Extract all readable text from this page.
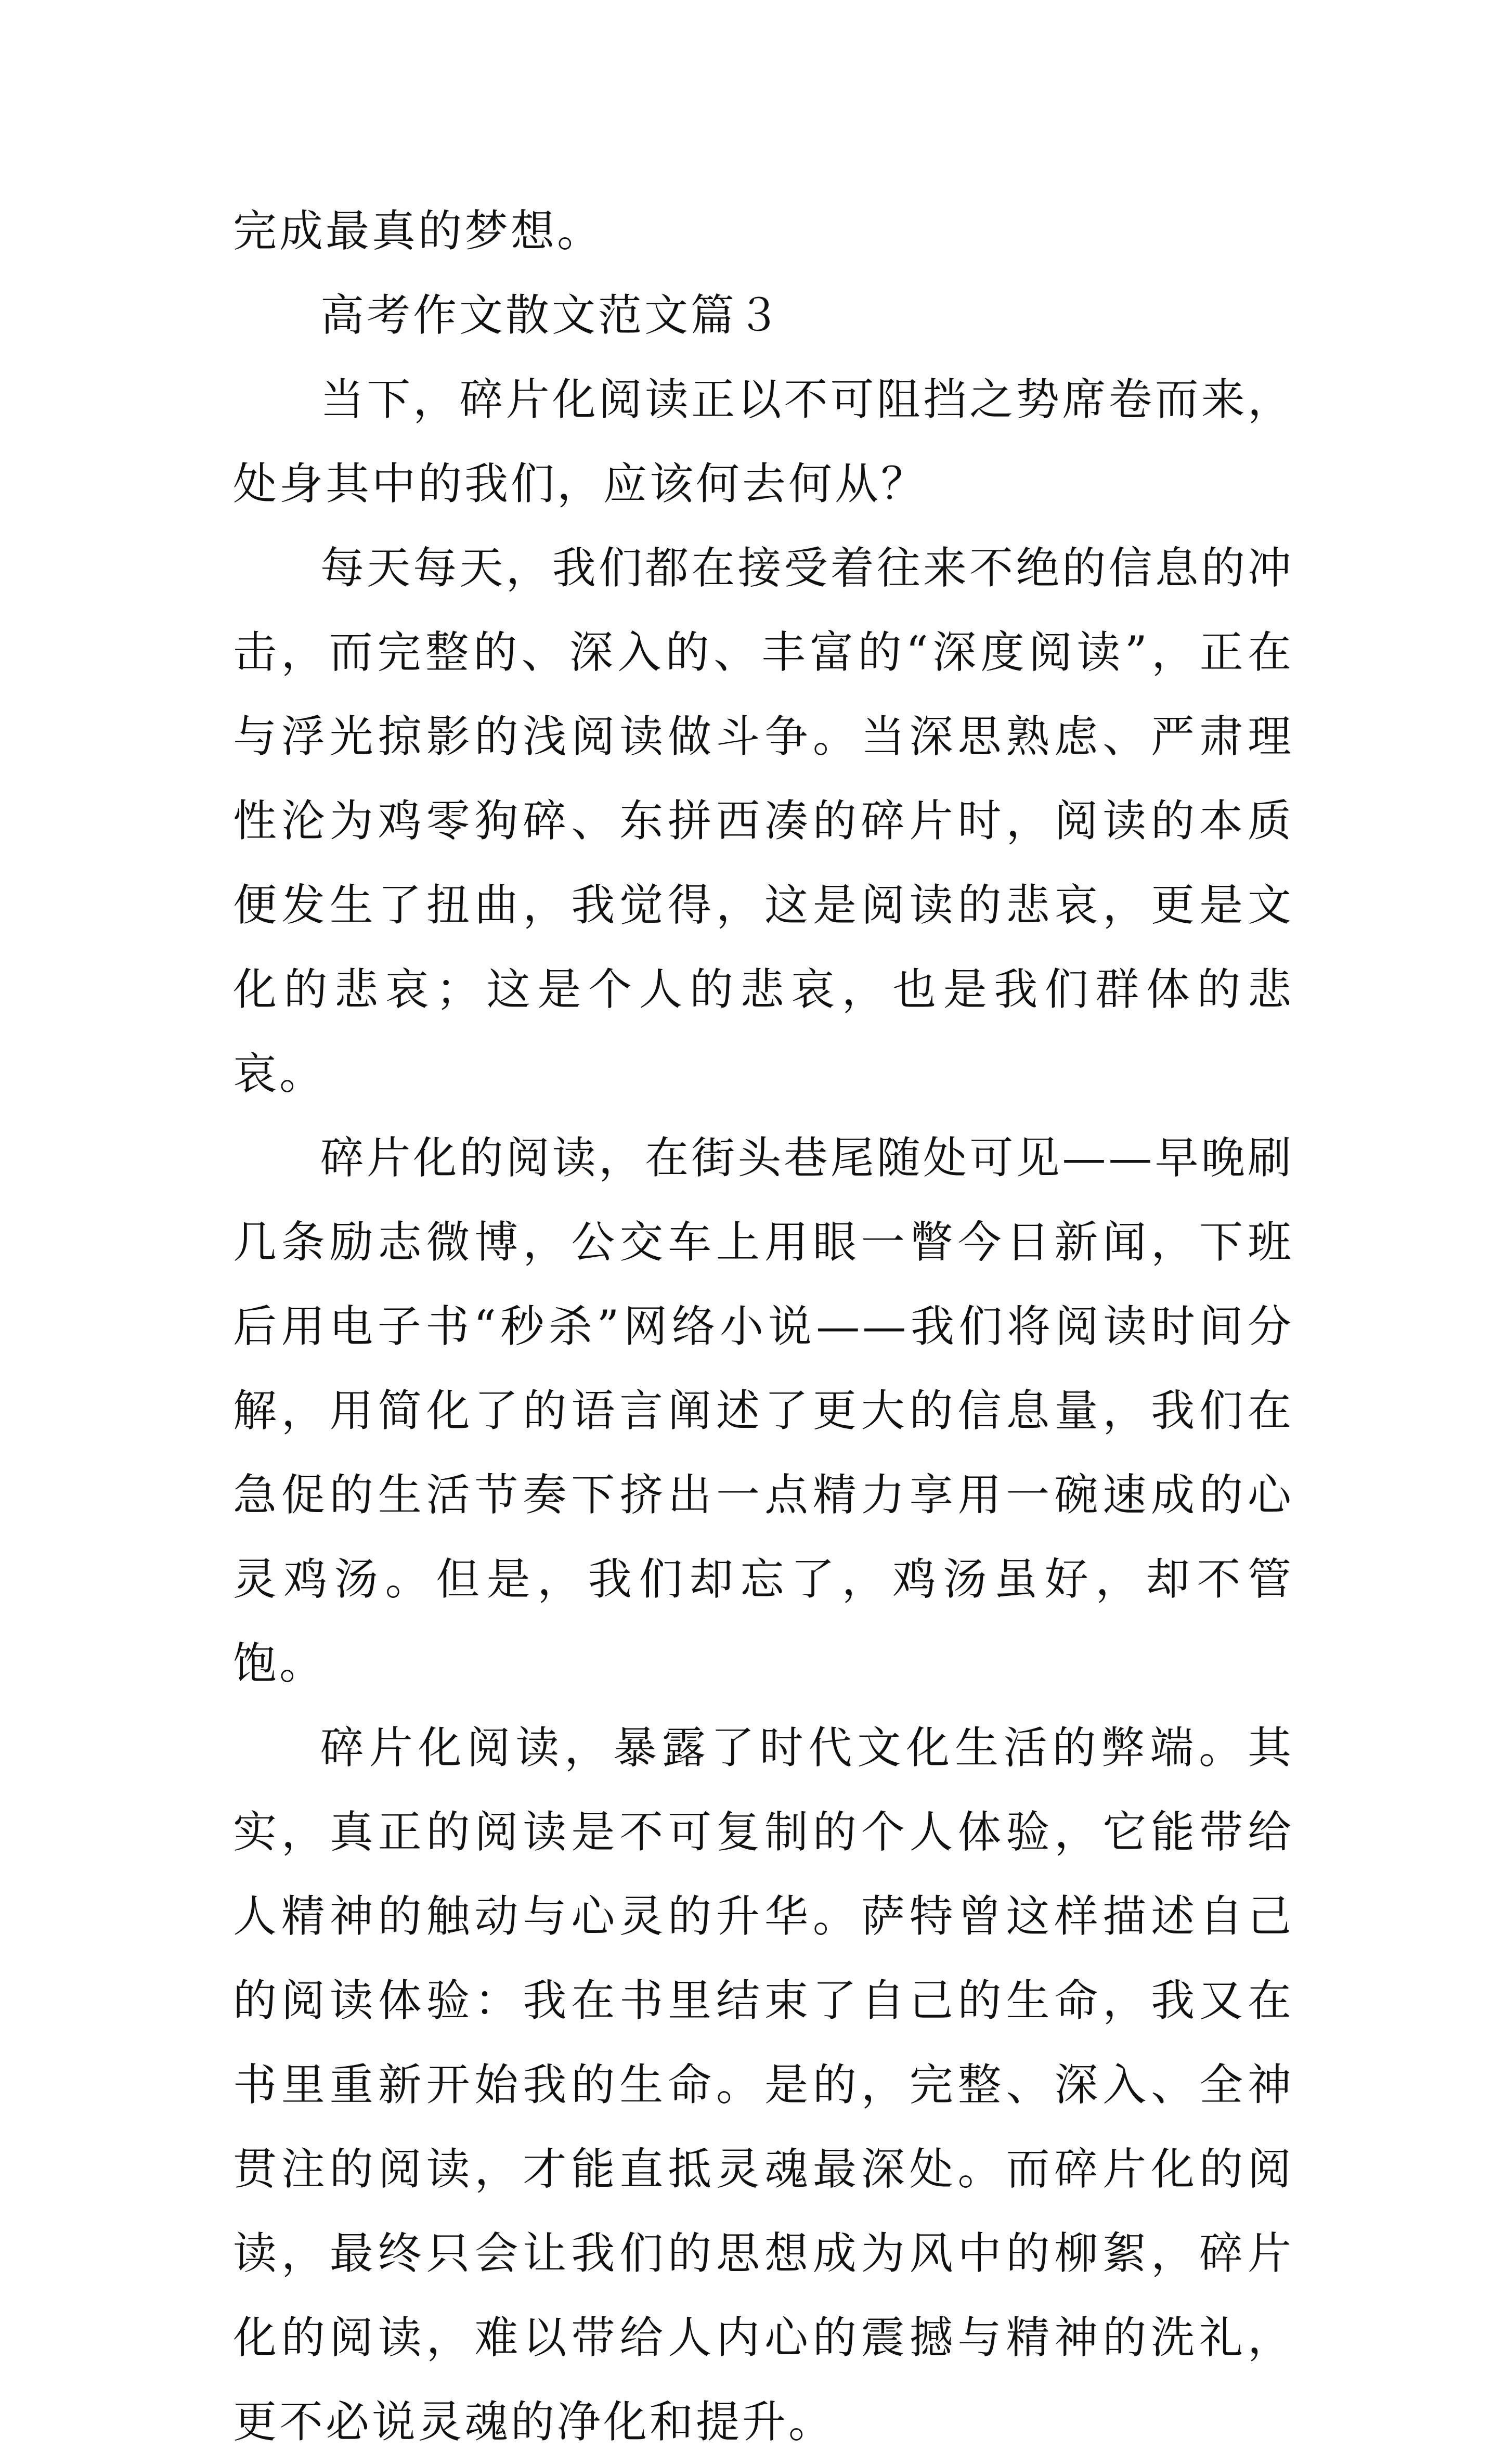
完成最真的梦想。

高考作文散文范文篇３

当下，碎片化阅读正以不可阻挡之势席卷而来，处身其中的我们，应该何去何从？

每天每天，我们都在接受着往来不绝的信息的冲击，而完整的、深入的、丰富的“深度阅读”，正在与浮光掠影的浅阅读做斗争。当深思熟虑、严肃理性沦为鸡零狗碎、东拼西凑的碎片时，阅读的本质便发生了扭曲，我觉得，这是阅读的悲哀，更是文化的悲哀；这是个人的悲哀，也是我们群体的悲哀。

碎片化的阅读，在街头巷尾随处可见——早晚刷几条励志微博，公交车上用眼一瞥今日新闻，下班后用电子书“秒杀”网络小说——我们将阅读时间分解，用简化了的语言阐述了更大的信息量，我们在急促的生活节奏下挤出一点精力享用一碗速成的心灵鸡汤。但是，我们却忘了，鸡汤虽好，却不管饱。

碎片化阅读，暴露了时代文化生活的弊端。其实，真正的阅读是不可复制的个人体验，它能带给人精神的触动与心灵的升华。萨特曾这样描述自己的阅读体验：我在书里结束了自己的生命，我又在书里重新开始我的生命。是的，完整、深入、全神贯注的阅读，才能直抵灵魂最深处。而碎片化的阅读，最终只会让我们的思想成为风中的柳絮，碎片化的阅读，难以带给人内心的震撼与精神的洗礼，更不必说灵魂的净化和提升。
